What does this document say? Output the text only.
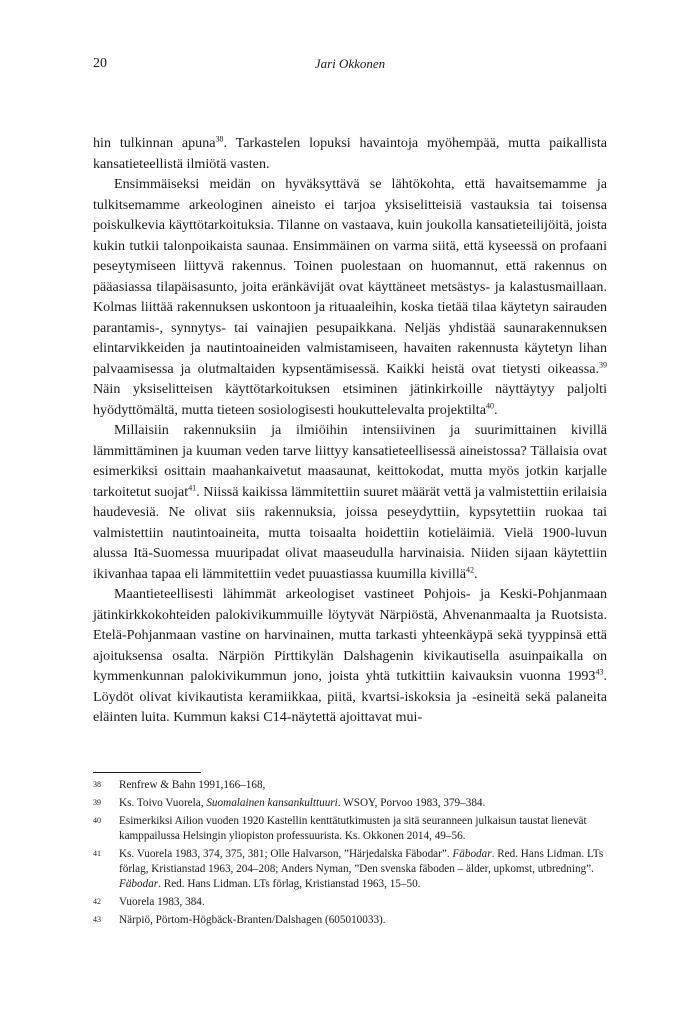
20	Jari Okkonen

hin tulkinnan apuna$^{38}$. Tarkastelen lopuksi havaintoja myöhempää, mutta paikallista kansatieteellistä ilmiötä vasten.

Ensimmäiseksi meidän on hyväksyttävä se lähtökohta, että havaitsemamme ja tulkitsemamme arkeologinen aineisto ei tarjoa yksiselitteisiä vastauksia tai toisensa poiskulkevia käyttötarkoituksia. Tilanne on vastaava, kuin joukolla kansatieteilijöitä, joista kukin tutkii talonpoikaista saunaa. Ensimmäinen on varma siitä, että kyseessä on profaani peseytymiseen liittyvä rakennus. Toinen puolestaan on huomannut, että rakennus on pääasiassa tilapäisasunto, joita eränkävijät ovat käyttäneet metsästys- ja kalastusmaillaan. Kolmas liittää rakennuksen uskontoon ja rituaaleihin, koska tietää tilaa käytetyn sairauden parantamis-, synnytys- tai vainajien pesupaikkana. Neljäs yhdistää saunarakennuksen elintarvikkeiden ja nautintoaineiden valmistamiseen, havaiten rakennusta käytetyn lihan palvaamisessa ja olutmaltaiden kypsentämisessä. Kaikki heistä ovat tietysti oikeassa.$^{39}$ Näin yksiselitteisen käyttötarkoituksen etsiminen jätinkirkoille näyttäytyy paljolti hyödyttömältä, mutta tieteen sosiologisesti houkuttelevalta projektilta$^{40}$.

Millaisiin rakennuksiin ja ilmiöihin intensiivinen ja suurimittainen kivillä lämmittäminen ja kuuman veden tarve liittyy kansatieteellisessä aineistossa? Tällaisia ovat esimerkiksi osittain maahankaivetut maasaunat, keittokodat, mutta myös jotkin karjalle tarkoitetut suojat$^{41}$. Niissä kaikissa lämmitettiin suuret määrät vettä ja valmistettiin erilaisia haudevesiä. Ne olivat siis rakennuksia, joissa peseydyttiin, kypsytettiin ruokaa tai valmistettiin nautintoaineita, mutta toisaalta hoidettiin kotieläimiä. Vielä 1900-luvun alussa Itä-Suomessa muuripadat olivat maaseudulla harvinaisia. Niiden sijaan käytettiin ikivanhaa tapaa eli lämmitettiin vedet puuastiassa kuumilla kivillä$^{42}$.

Maantieteellisesti lähimmät arkeologiset vastineet Pohjois- ja Keski-Pohjanmaan jätinkirkkokohteiden palokivikummuille löytyvät Närpiöstä, Ahvenanmaalta ja Ruotsista. Etelä-Pohjanmaan vastine on harvinainen, mutta tarkasti yhteenkäypä sekä tyyppinsä että ajoituksensa osalta. Närpiön Pirttikylän Dalshagenin kivikautisella asuinpaikalla on kymmenkunnan palokivikummun jono, joista yhtä tutkittiin kaivauksin vuonna 1993$^{43}$. Löydöt olivat kivikautista keramiikkaa, piitä, kvartsi-iskoksia ja -esineitä sekä palaneita eläinten luita. Kummun kaksi C14-näytettä ajoittavat mui-

38 Renfrew & Bahn 1991,166–168,
39 Ks. Toivo Vuorela, Suomalainen kansankulttuuri. WSOY, Porvoo 1983, 379–384.
40 Esimerkiksi Ailion vuoden 1920 Kastellin kenttätutkimusten ja sitä seuranneen julkaisun taustat lienevät kamppailussa Helsingin yliopiston professuurista. Ks. Okkonen 2014, 49–56.
41 Ks. Vuorela 1983, 374, 375, 381; Olle Halvarson, ”Härjedalska Fäbodar”. Fäbodar. Red. Hans Lidman. LTs förlag, Kristianstad 1963, 204–208; Anders Nyman, ”Den svenska fäboden – älder, upkomst, utbredning”. Fäbodar. Red. Hans Lidman. LTs förlag, Kristianstad 1963, 15–50.
42 Vuorela 1983, 384.
43 Närpiö, Pörtom-Högbäck-Branten/Dalshagen (605010033).
